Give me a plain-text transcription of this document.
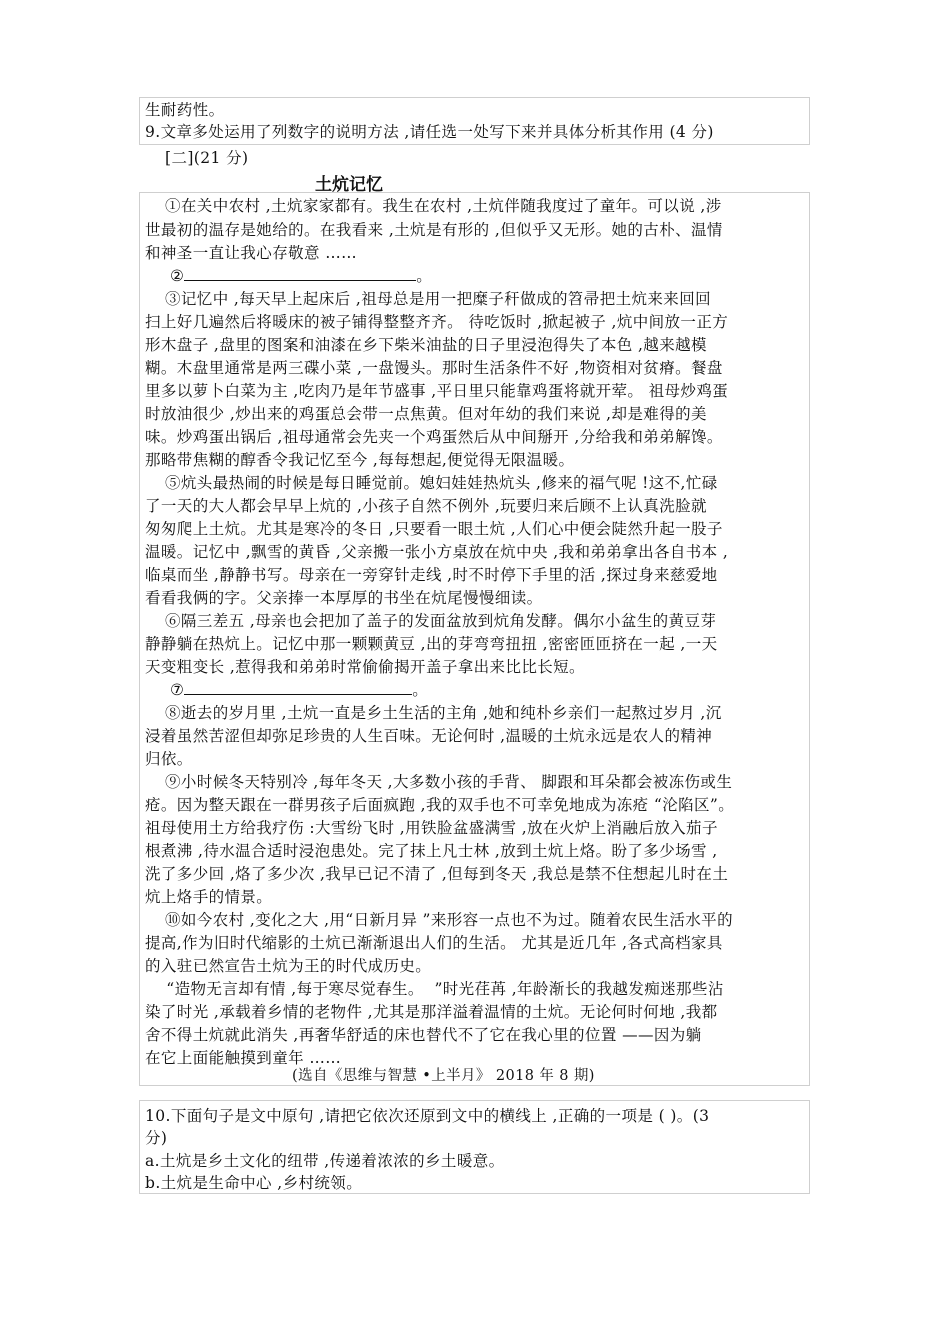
生耐药性。
9.文章多处运用了列数字的说明方法 ,请任选一处写下来并具体分析其作用 (4 分)
[二](21 分)
土炕记忆
①在关中农村 ,土炕家家都有。我生在农村 ,土炕伴随我度过了童年。可以说 ,涉
世最初的温存是她给的。在我看来 ,土炕是有形的 ,但似乎又无形。她的古朴、温情
和神圣一直让我心存敬意 ……
②	。
③记忆中 ,每天早上起床后 ,祖母总是用一把糜子秆做成的笤帚把土炕来来回回
扫上好几遍然后将暖床的被子铺得整整齐齐。 待吃饭时 ,掀起被子 ,炕中间放一正方
形木盘子 ,盘里的图案和油漆在乡下柴米油盐的日子里浸泡得失了本色 ,越来越模
糊。木盘里通常是两三碟小菜 ,一盘馒头。那时生活条件不好 ,物资相对贫瘠。餐盘
里多以萝卜白菜为主 ,吃肉乃是年节盛事 ,平日里只能靠鸡蛋将就开荤。 祖母炒鸡蛋
时放油很少 ,炒出来的鸡蛋总会带一点焦黄。但对年幼的我们来说 ,却是难得的美
味。炒鸡蛋出锅后 ,祖母通常会先夹一个鸡蛋然后从中间掰开 ,分给我和弟弟解馋。
那略带焦糊的醇香令我记忆至今 ,每每想起,便觉得无限温暖。
⑤炕头最热闹的时候是每日睡觉前。媳妇娃娃热炕头 ,修来的福气呢 !这不,忙碌
了一天的大人都会早早上炕的 ,小孩子自然不例外 ,玩要归来后顾不上认真洗脸就
匆匆爬上土炕。尤其是寒冷的冬日 ,只要看一眼土炕 ,人们心中便会陡然升起一股子
温暖。记忆中 ,飘雪的黄昏 ,父亲搬一张小方桌放在炕中央 ,我和弟弟拿出各自书本 ,
临桌而坐 ,静静书写。母亲在一旁穿针走线 ,时不时停下手里的活 ,探过身来慈爱地
看看我俩的字。父亲捧一本厚厚的书坐在炕尾慢慢细读。
⑥隔三差五 ,母亲也会把加了盖子的发面盆放到炕角发酵。偶尔小盆生的黄豆芽
静静躺在热炕上。记忆中那一颗颗黄豆 ,出的芽弯弯扭扭 ,密密匝匝挤在一起 ,一天
天变粗变长 ,惹得我和弟弟时常偷偷揭开盖子拿出来比比长短。
⑦	。
⑧逝去的岁月里 ,土炕一直是乡土生活的主角 ,她和纯朴乡亲们一起熬过岁月 ,沉
浸着虽然苦涩但却弥足珍贵的人生百味。无论何时 ,温暖的土炕永远是农人的精神
归依。
⑨小时候冬天特别冷 ,每年冬天 ,大多数小孩的手背、 脚跟和耳朵都会被冻伤或生
疮。因为整天跟在一群男孩子后面疯跑 ,我的双手也不可幸免地成为冻疮 “沦陷区”。
祖母使用土方给我疗伤 :大雪纷飞时 ,用铁脸盆盛满雪 ,放在火炉上消融后放入茄子
根煮沸 ,待水温合适时浸泡患处。完了抹上凡士林 ,放到土炕上烙。盼了多少场雪 ,
洗了多少回 ,烙了多少次 ,我早已记不清了 ,但每到冬天 ,我总是禁不住想起儿时在土
炕上烙手的情景。
⑩如今农村 ,变化之大 ,用“日新月异 ”来形容一点也不为过。随着农民生活水平的
提高,作为旧时代缩影的土炕已渐渐退出人们的生活。 尤其是近几年 ,各式高档家具
的入驻已然宣告土炕为王的时代成历史。
“造物无言却有情 ,每于寒尽觉春生。  ”时光荏苒 ,年龄渐长的我越发痴迷那些沾
染了时光 ,承载着乡情的老物件 ,尤其是那洋溢着温情的土炕。无论何时何地 ,我都
舍不得土炕就此消失 ,再奢华舒适的床也替代不了它在我心里的位置 ——因为躺
在它上面能触摸到童年 ……
(选自《思维与智慧 •上半月》 2018 年 8 期)
10.下面句子是文中原句 ,请把它依次还原到文中的横线上 ,正确的一项是 ( )。(3
分)
a.土炕是乡土文化的纽带 ,传递着浓浓的乡土暖意。
b.土炕是生命中心 ,乡村统领。
